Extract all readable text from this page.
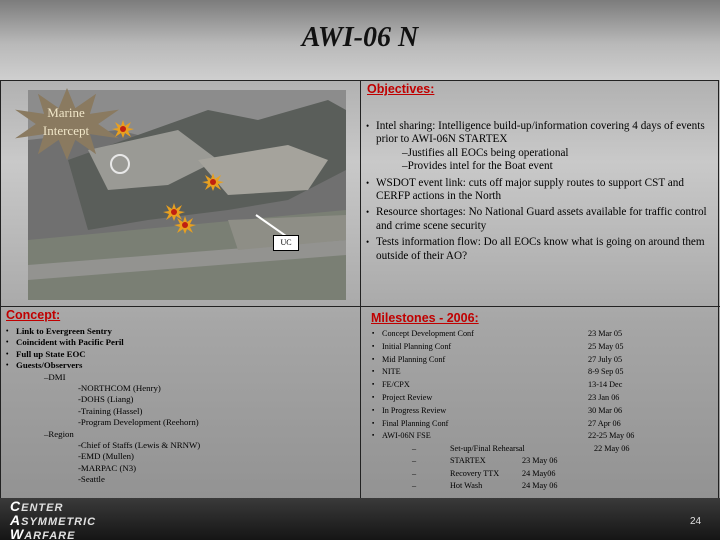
AWI-06 N
Marine Intercept
UC
Objectives:
• Intel sharing: Intelligence build-up/information covering 4 days of events prior to AWI-06N STARTEX
–Justifies all EOCs being operational
–Provides intel for the Boat event
• WSDOT event link: cuts off major supply routes to support CST and CERFP actions in the North
• Resource shortages: No National Guard assets available for traffic control and crime scene security
• Tests information flow: Do all EOCs know what is going on around them outside of their AO?
Concept:
• Link to Evergreen Sentry
• Coincident with Pacific Peril
• Full up State EOC
• Guests/Observers
–DMI
-NORTHCOM (Henry)
-DOHS (Liang)
-Training (Hassel)
-Program Development (Reehorn)
–Region
-Chief of Staffs (Lewis & NRNW)
-EMD (Mullen)
-MARPAC (N3)
-Seattle
Milestones - 2006:
▪ Concept Development Conf	23 Mar 05
▪ Initial Planning Conf	25 May 05
▪ Mid Planning Conf	27 July 05
▪ NITE	8-9 Sep 05
▪ FE/CPX	13-14 Dec
▪ Project Review	23 Jan 06
▪ In Progress Review	30 Mar 06
▪ Final Planning Conf	27 Apr 06
▪ AWI-06N FSE	22-25 May 06
–	Set-up/Final Rehearsal	22 May 06
–	STARTEX	23 May 06
–	Recovery TTX	24 May06
–	Hot Wash	24 May 06
CENTER
ASYMMETRIC
WARFARE
24
